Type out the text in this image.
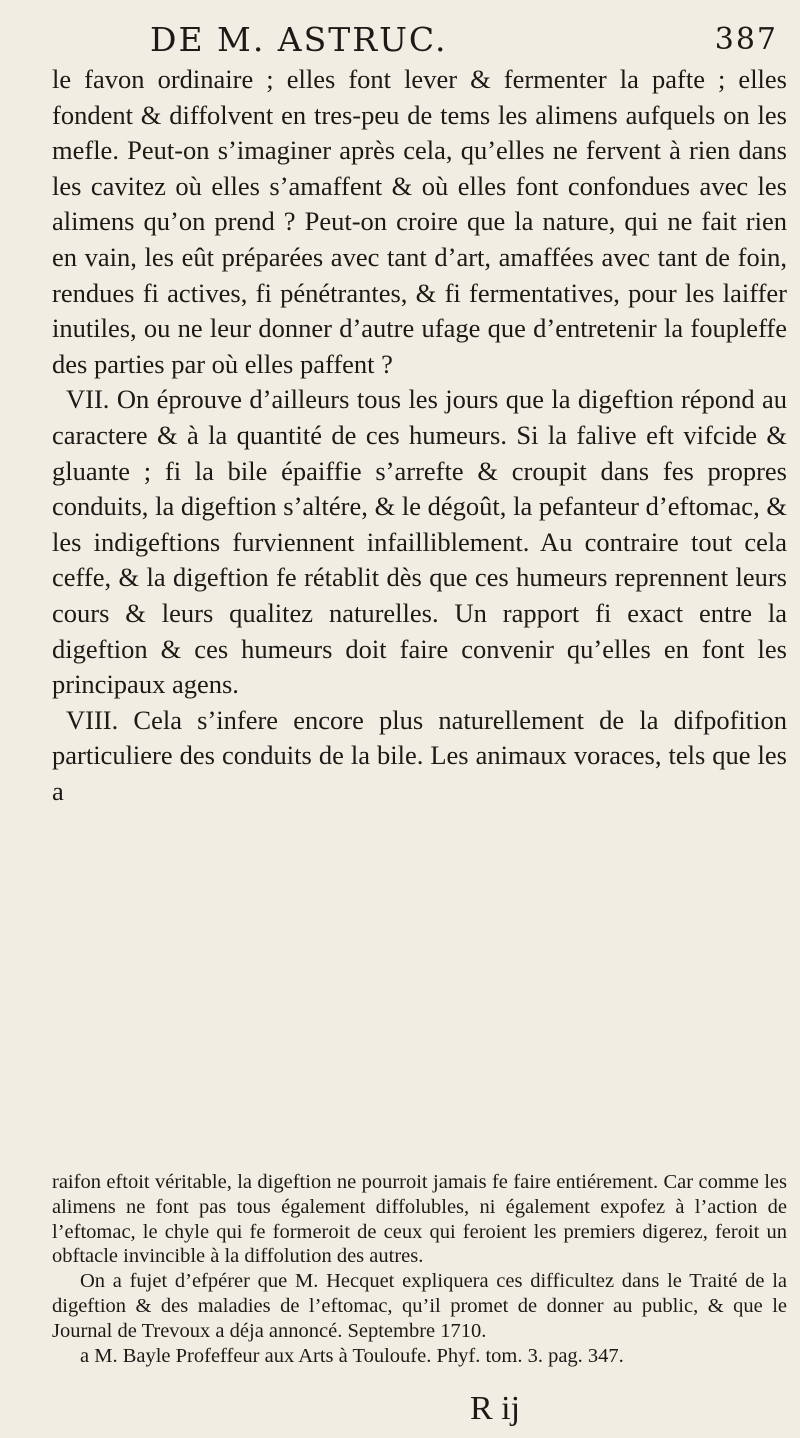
DE M. ASTRUC.	387

le favon ordinaire ; elles font lever & fermenter la pafte ; elles fondent & diffolvent en tres-peu de tems les alimens aufquels on les mefle. Peut-on s’imaginer après cela, qu’elles ne fervent à rien dans les cavitez où elles s’amaffent & où elles font confondues avec les alimens qu’on prend ? Peut-on croire que la nature, qui ne fait rien en vain, les eût préparées avec tant d’art, amaffées avec tant de foin, rendues fi actives, fi pénétrantes, & fi fermentatives, pour les laiffer inutiles, ou ne leur donner d’autre ufage que d’entretenir la foupleffe des parties par où elles paffent ?

VII. On éprouve d’ailleurs tous les jours que la digeftion répond au caractere & à la quantité de ces humeurs. Si la falive eft vifcide & gluante ; fi la bile épaiffie s’arrefte & croupit dans fes propres conduits, la digeftion s’altére, & le dégoût, la pefanteur d’eftomac, & les indigeftions furviennent infailliblement. Au contraire tout cela ceffe, & la digeftion fe rétablit dès que ces humeurs reprennent leurs cours & leurs qualitez naturelles. Un rapport fi exact entre la digeftion & ces humeurs doit faire convenir qu’elles en font les principaux agens.

VIII. Cela s’infere encore plus naturellement de la difpofition particuliere des conduits de la bile. Les animaux voraces, tels que les a

raifon eftoit véritable, la digeftion ne pourroit jamais fe faire entiérement. Car comme les alimens ne font pas tous également diffolubles, ni également expofez à l’action de l’eftomac, le chyle qui fe formeroit de ceux qui feroient les premiers digerez, feroit un obftacle invincible à la diffolution des autres.

On a fujet d’efpérer que M. Hecquet expliquera ces difficultez dans le Traité de la digeftion & des maladies de l’eftomac, qu’il promet de donner au public, & que le Journal de Trevoux a déja annoncé. Septembre 1710.

a M. Bayle Profeffeur aux Arts à Touloufe. Phyf. tom. 3. pag. 347.

R ij
